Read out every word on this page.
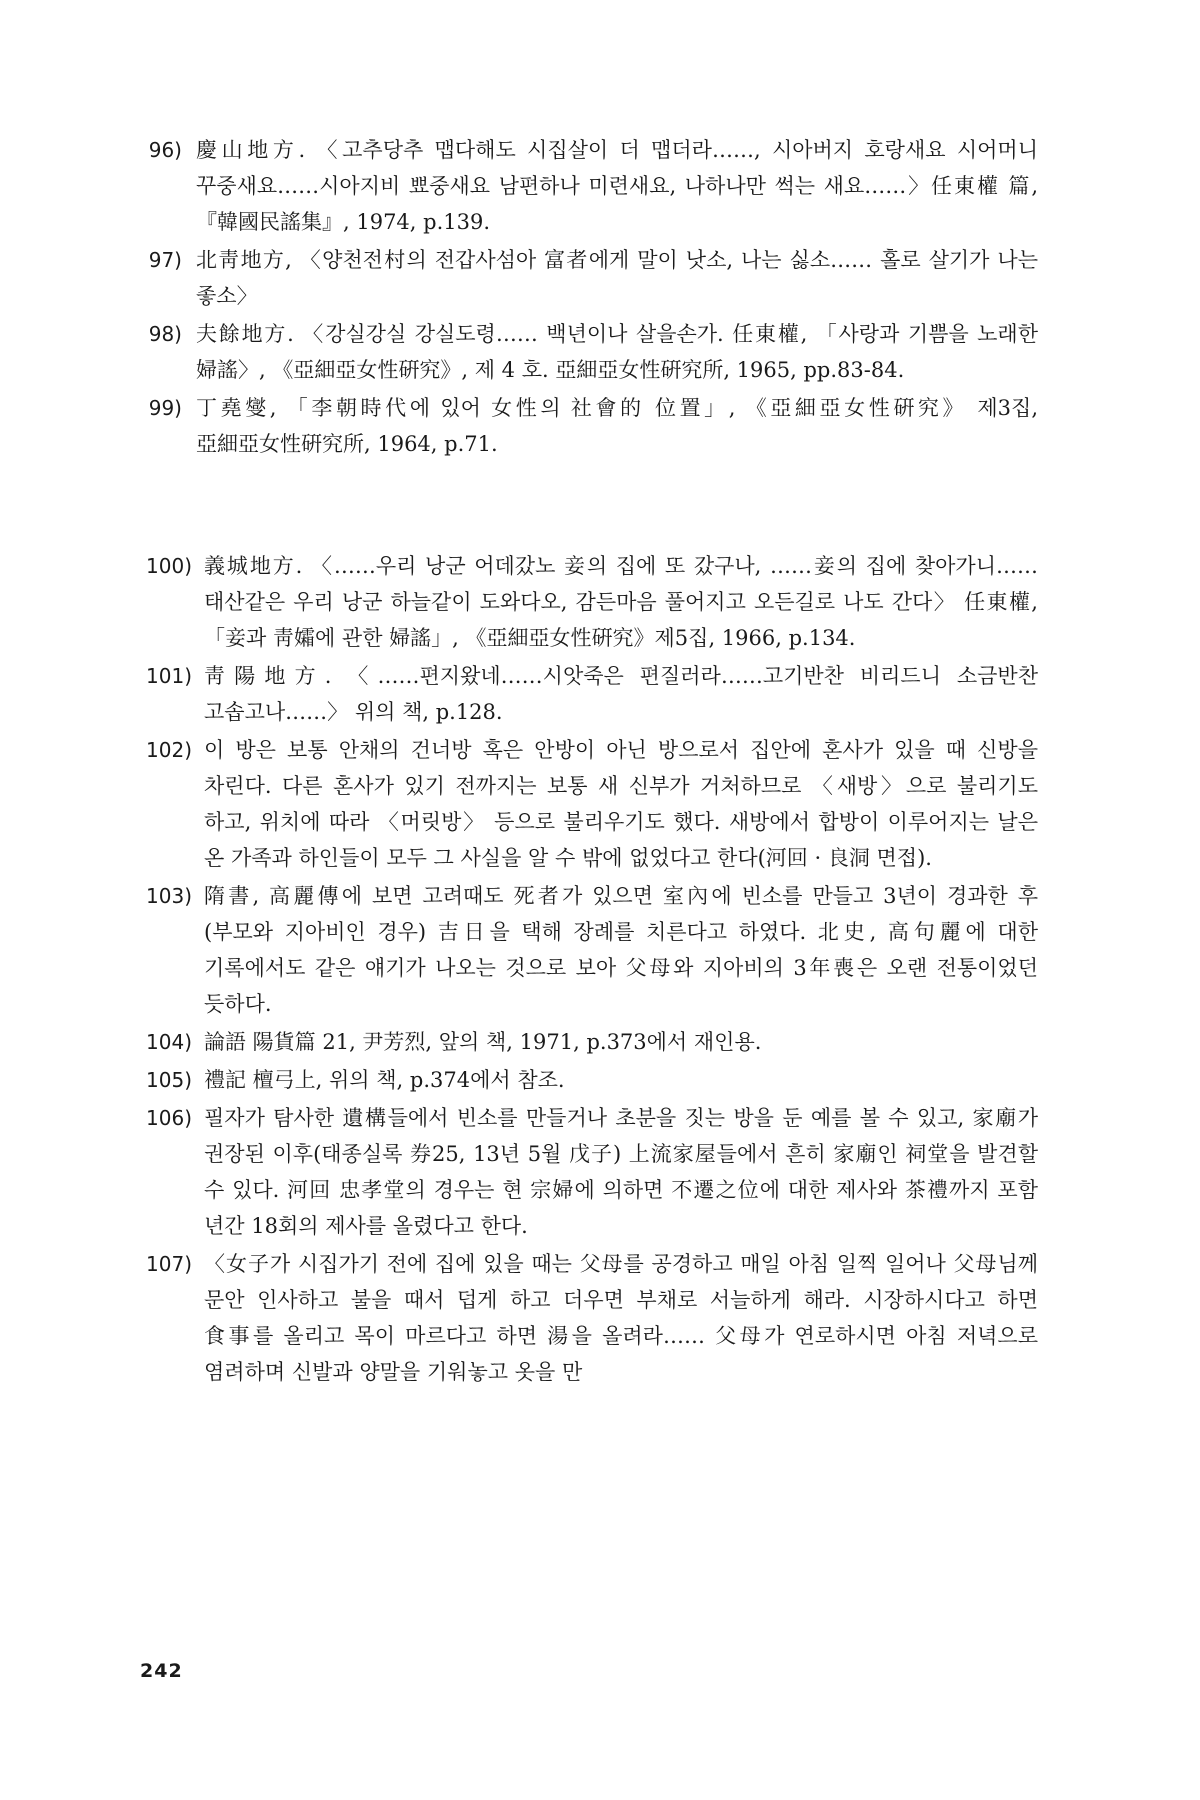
96) 慶山地方. 〈고추당추 맵다해도 시집살이 더 맵더라……, 시아버지 호랑새요 시어머니 꾸중새요……시아지비 뾰중새요 남편하나 미련새요, 나하나만 썩는 새요……〉任東權 篇, 『韓國民謠集』, 1974, p.139.
97) 北靑地方, 〈양천전村의 전갑사섬아 富者에게 말이 낫소, 나는 싫소…… 홀로 살기가 나는 좋소〉
98) 夫餘地方. 〈강실강실 강실도령…… 백년이나 살을손가. 任東權, 「사랑과 기쁨을 노래한 婦謠〉, 《亞細亞女性硏究》, 제 4 호. 亞細亞女性硏究所, 1965, pp.83-84.
99) 丁堯燮, 「李朝時代에 있어 女性의 社會的 位置」, 《亞細亞女性硏究》 제3집, 亞細亞女性硏究所, 1964, p.71.
100) 義城地方. 〈……우리 낭군 어데갔노 妾의 집에 또 갔구나, ……妾의 집에 찾아가니…… 태산같은 우리 낭군 하늘같이 도와다오, 감든마음 풀어지고 오든길로 나도 간다〉 任東權, 「妾과 靑孀에 관한 婦謠」, 《亞細亞女性硏究》제5집, 1966, p.134.
101) 靑陽地方. 〈……편지왔네……시앗죽은 편질러라……고기반찬 비리드니 소금반찬 고솝고나……〉 위의 책, p.128.
102) 이 방은 보통 안채의 건너방 혹은 안방이 아닌 방으로서 집안에 혼사가 있을 때 신방을 차린다. 다른 혼사가 있기 전까지는 보통 새 신부가 거처하므로 〈새방〉으로 불리기도 하고, 위치에 따라 〈머릿방〉 등으로 불리우기도 했다. 새방에서 합방이 이루어지는 날은 온 가족과 하인들이 모두 그 사실을 알 수 밖에 없었다고 한다(河回 · 良洞 면접).
103) 隋書, 高麗傳에 보면 고려때도 死者가 있으면 室內에 빈소를 만들고 3년이 경과한 후(부모와 지아비인 경우) 吉日을 택해 장례를 치른다고 하였다. 北史, 高句麗에 대한 기록에서도 같은 얘기가 나오는 것으로 보아 父母와 지아비의 3年喪은 오랜 전통이었던 듯하다.
104) 論語 陽貨篇 21, 尹芳烈, 앞의 책, 1971, p.373에서 재인용.
105) 禮記 檀弓上, 위의 책, p.374에서 참조.
106) 필자가 탐사한 遺構들에서 빈소를 만들거나 초분을 짓는 방을 둔 예를 볼 수 있고, 家廟가 권장된 이후(태종실록 券25, 13년 5월 戊子) 上流家屋들에서 흔히 家廟인 祠堂을 발견할 수 있다. 河回 忠孝堂의 경우는 현 宗婦에 의하면 不遷之位에 대한 제사와 茶禮까지 포함 년간 18회의 제사를 올렸다고 한다.
107) 〈女子가 시집가기 전에 집에 있을 때는 父母를 공경하고 매일 아침 일찍 일어나 父母님께 문안 인사하고 불을 때서 덥게 하고 더우면 부채로 서늘하게 해라. 시장하시다고 하면 食事를 올리고 목이 마르다고 하면 湯을 올려라…… 父母가 연로하시면 아침 저녁으로 염려하며 신발과 양말을 기워놓고 옷을 만
242
